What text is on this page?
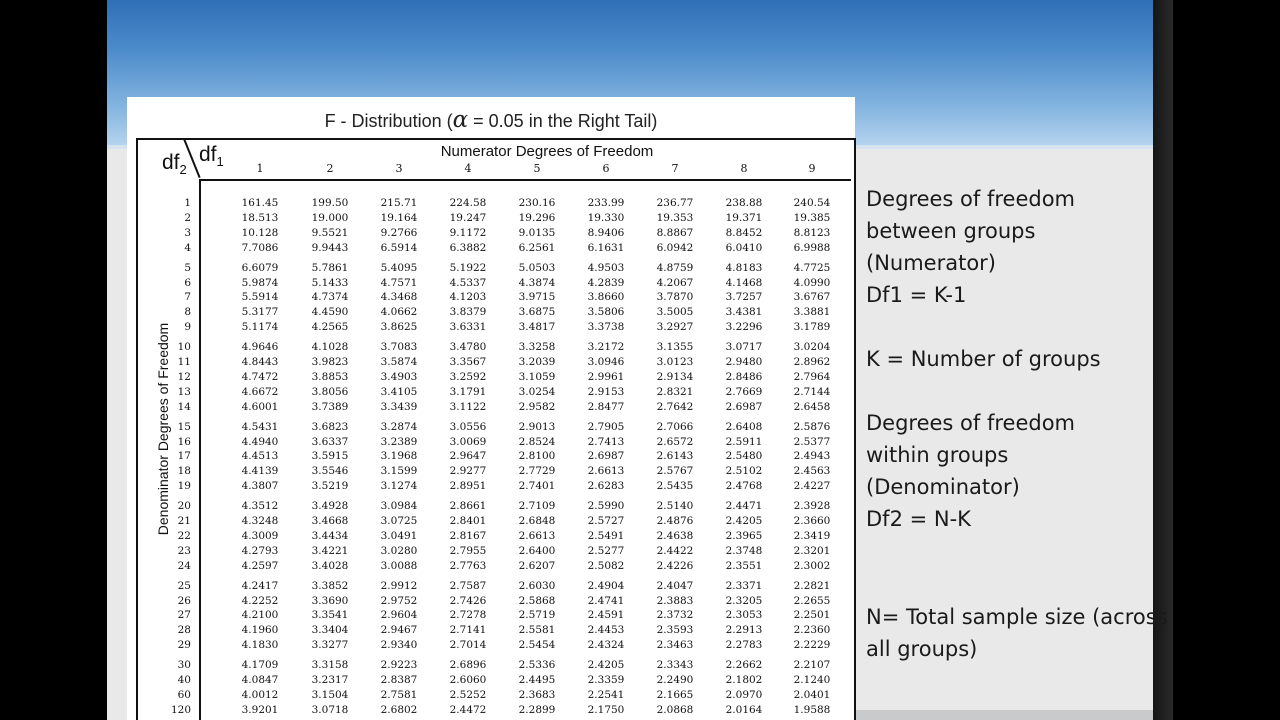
F - Distribution (α = 0.05 in the Right Tail)
$df_2$
$df_1$
Numerator Degrees of Freedom
Denominator Degrees of Freedom
1	2	3	4	5	6	7	8	9
1	161.45	199.50	215.71	224.58	230.16	233.99	236.77	238.88	240.54
2	18.513	19.000	19.164	19.247	19.296	19.330	19.353	19.371	19.385
3	10.128	9.5521	9.2766	9.1172	9.0135	8.9406	8.8867	8.8452	8.8123
4	7.7086	9.9443	6.5914	6.3882	6.2561	6.1631	6.0942	6.0410	6.9988
5	6.6079	5.7861	5.4095	5.1922	5.0503	4.9503	4.8759	4.8183	4.7725
6	5.9874	5.1433	4.7571	4.5337	4.3874	4.2839	4.2067	4.1468	4.0990
7	5.5914	4.7374	4.3468	4.1203	3.9715	3.8660	3.7870	3.7257	3.6767
8	5.3177	4.4590	4.0662	3.8379	3.6875	3.5806	3.5005	3.4381	3.3881
9	5.1174	4.2565	3.8625	3.6331	3.4817	3.3738	3.2927	3.2296	3.1789
10	4.9646	4.1028	3.7083	3.4780	3.3258	3.2172	3.1355	3.0717	3.0204
11	4.8443	3.9823	3.5874	3.3567	3.2039	3.0946	3.0123	2.9480	2.8962
12	4.7472	3.8853	3.4903	3.2592	3.1059	2.9961	2.9134	2.8486	2.7964
13	4.6672	3.8056	3.4105	3.1791	3.0254	2.9153	2.8321	2.7669	2.7144
14	4.6001	3.7389	3.3439	3.1122	2.9582	2.8477	2.7642	2.6987	2.6458
15	4.5431	3.6823	3.2874	3.0556	2.9013	2.7905	2.7066	2.6408	2.5876
16	4.4940	3.6337	3.2389	3.0069	2.8524	2.7413	2.6572	2.5911	2.5377
17	4.4513	3.5915	3.1968	2.9647	2.8100	2.6987	2.6143	2.5480	2.4943
18	4.4139	3.5546	3.1599	2.9277	2.7729	2.6613	2.5767	2.5102	2.4563
19	4.3807	3.5219	3.1274	2.8951	2.7401	2.6283	2.5435	2.4768	2.4227
20	4.3512	3.4928	3.0984	2.8661	2.7109	2.5990	2.5140	2.4471	2.3928
21	4.3248	3.4668	3.0725	2.8401	2.6848	2.5727	2.4876	2.4205	2.3660
22	4.3009	3.4434	3.0491	2.8167	2.6613	2.5491	2.4638	2.3965	2.3419
23	4.2793	3.4221	3.0280	2.7955	2.6400	2.5277	2.4422	2.3748	2.3201
24	4.2597	3.4028	3.0088	2.7763	2.6207	2.5082	2.4226	2.3551	2.3002
25	4.2417	3.3852	2.9912	2.7587	2.6030	2.4904	2.4047	2.3371	2.2821
26	4.2252	3.3690	2.9752	2.7426	2.5868	2.4741	2.3883	2.3205	2.2655
27	4.2100	3.3541	2.9604	2.7278	2.5719	2.4591	2.3732	2.3053	2.2501
28	4.1960	3.3404	2.9467	2.7141	2.5581	2.4453	2.3593	2.2913	2.2360
29	4.1830	3.3277	2.9340	2.7014	2.5454	2.4324	2.3463	2.2783	2.2229
30	4.1709	3.3158	2.9223	2.6896	2.5336	2.4205	2.3343	2.2662	2.2107
40	4.0847	3.2317	2.8387	2.6060	2.4495	2.3359	2.2490	2.1802	2.1240
60	4.0012	3.1504	2.7581	2.5252	2.3683	2.2541	2.1665	2.0970	2.0401
120	3.9201	3.0718	2.6802	2.4472	2.2899	2.1750	2.0868	2.0164	1.9588
Degrees of freedom
between groups
(Numerator)
Df1 = K-1
K = Number of groups
Degrees of freedom
within groups
(Denominator)
Df2 = N-K
N= Total sample size (across
all groups)
